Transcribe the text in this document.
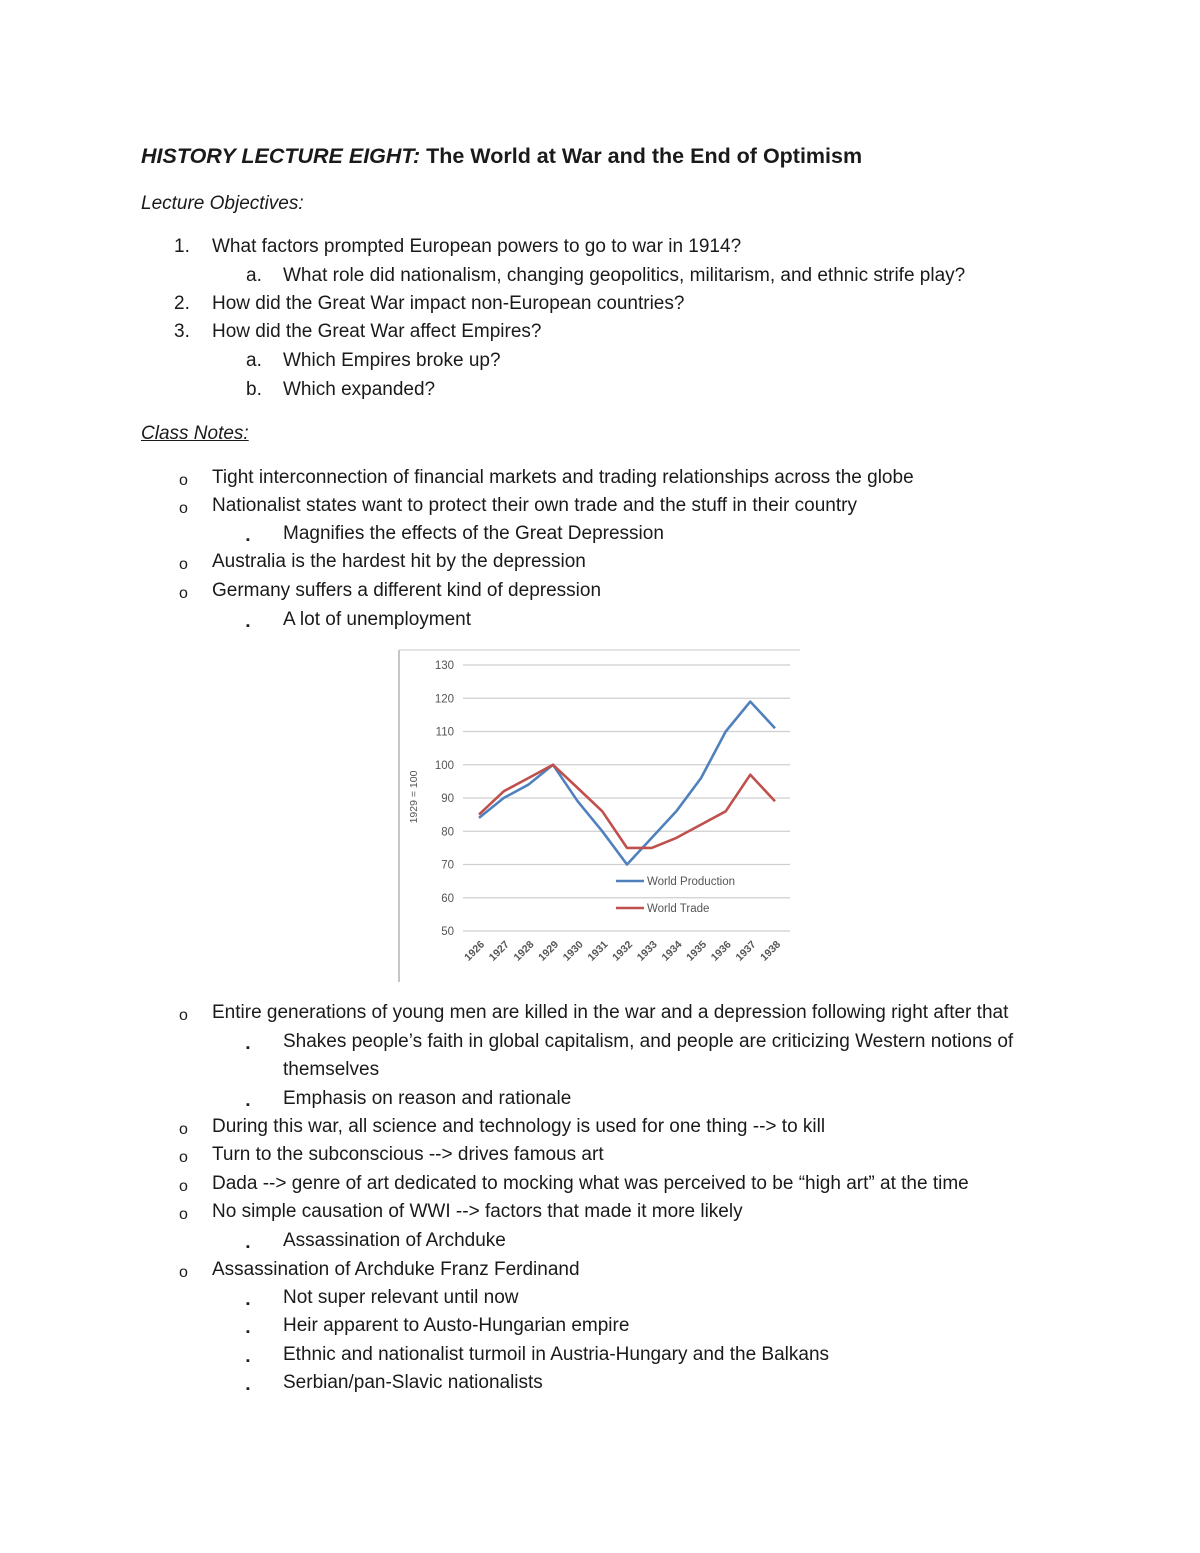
HISTORY LECTURE EIGHT: The World at War and the End of Optimism
Lecture Objectives:
1. What factors prompted European powers to go to war in 1914?
a. What role did nationalism, changing geopolitics, militarism, and ethnic strife play?
2. How did the Great War impact non-European countries?
3. How did the Great War affect Empires?
a. Which Empires broke up?
b. Which expanded?
Class Notes:
o Tight interconnection of financial markets and trading relationships across the globe
o Nationalist states want to protect their own trade and the stuff in their country
▪ Magnifies the effects of the Great Depression
o Australia is the hardest hit by the depression
o Germany suffers a different kind of depression
▪ A lot of unemployment
o Entire generations of young men are killed in the war and a depression following right after that
▪ Shakes people’s faith in global capitalism, and people are criticizing Western notions of
themselves
▪ Emphasis on reason and rationale
o During this war, all science and technology is used for one thing --> to kill
o Turn to the subconscious --> drives famous art
o Dada --> genre of art dedicated to mocking what was perceived to be “high art” at the time
o No simple causation of WWI --> factors that made it more likely
▪ Assassination of Archduke
o Assassination of Archduke Franz Ferdinand
▪ Not super relevant until now
▪ Heir apparent to Austo-Hungarian empire
▪ Ethnic and nationalist turmoil in Austria-Hungary and the Balkans
▪ Serbian/pan-Slavic nationalists
50
60
70
80
90
100
110
120
130
1929 = 100
1926 1927 1928 1929 1930 1931 1932 1933 1934 1935 1936 1937 1938
World Production
World Trade
